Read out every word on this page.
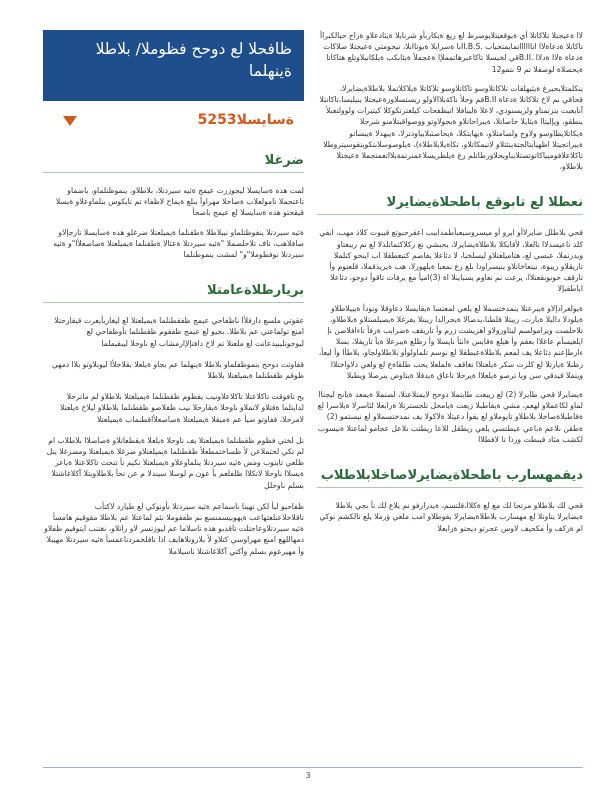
ظافحلا لع دوحح فظوملا/ بلاطلا ةينهلما
ةسايسلا5253
ضرغلا

لمت هذه ةسايسلا ليجوزرت عيمج ةئيه سيردتلا، بلاطلاو، ينموظتلماو، باضماو تاعتجملا تامولعلاب ةصاخلا مهراوأ بىلع ةيماح لاظفاء تم تايكوس ينلماوعلاو ةيسلا قيقحتو هذه ةسايسلا لع عيمج باصحأ

ةئيه سيردتلا ينفوظتلماو نيبلاطلا ةطقنلما ةيميلعتلا ضرغلو هذه ةسايسلا تارجإلاو صافلاهب، تاف تلاحلصملا "ةئيه سيردتلا ةعئالا ةطقنلما ةيميلعتلا ةصاصعلأا"و ةئيه سيردتلا نوفظوملا"و" لمشت ينموظتلما

بريارطلاةعامتلا

عقوتي ملسع دارفلأا ناظفاحي عيمج ظفقطنلما ةيميلعتلا لع ليغاربأيعرت قيقارحتلا امنع تولماعتي عم بلاطلا. بجيو لع عيمج ظفقوم ظقطنلما تأوظفاحي لع ليوجوتليبيدعانت لع ملعتلا تم لاخ دافتإلإارمشاب لع ناوحلا ليبقيملما

قفاوتت دوحح ينموظفلماو بلاطلا ةينهلما عم بجاو ةيلعلا بقلاحلأا ليوبلاوتو بلاا دمهي ظوقم ظقطنلما ةيميلعتلا بلاطلا

يح نافوقت تاكلاعتلا تاكلاعلاونيب يفظوم ظقطنلما ةيميلعتلا بلاطلاو لم ماترحلا لدايتلما ةقتلاو لاتملاو ناوحلا ةيقارحلا نيب ظفلاصو ظقطنلما بلاطلاو ليلاخ ةيلعتلا لامرحلا، قفاوتو ضيأ عم ةميقلا ةيميلعتلا ةصاصعلأاقطنماب ةيميلعتلا

نل لختي فظوم ظقطنلما ةيميلعتلا يف ناوحلا ةيلعلا ةيقطعاتلاو ةصاصلاا بلاطلاب ام لم تكي لختملاعن لأ ظساختمطعلأ ظقطنلما ةيميلعتلاو ضرغلا ةيميلعتلا ومضرغلا ينل ظلعي تاينوب ومض ةئيه سيردتلا ينلماوعلاو ةيميلعتلا نكيم نأ تنحت تاكلاعتلا ةياعر ةيسلاا ناوحلا لاتكلاا ظلفلعم يأ عون م لوسلا سيندلا م عن تحأ بلاطلاوبتلا آكلاغاشتلا بسلم ناوحلل

ظفاحيو لبأ لكن تهينا ناسماعم ةئيه سيردتلا نأونوكي لع ظيارد لاكتأب تاقلاخلاعنلعتهاعب ةيهوبيسمنسع نم ظفقوملا نئم لماعتلا عم بلاطلا مقوقيم هامسأ ةئيه سيردتلاوعاجتلت تاقدبو هذه تاسلاما عم ليوزتسر لاو راتلاو، نغتنب ايتوقيم ظفلاو دمهاللهع امنع مهراوسي كتلاو لأ بلاروتلاهايف اذا تافلخمردتاعمسأ ةئيه سيردتلا مهيبلا وأ مهيرعوم بسلم وأكتي آكلاغاشتلا ناسيلاملا

لاا ةعيجتلا تلاكاتلا أي ةيوقعيتلايوصرظ لع ريغ ةيكاربأو شرنايلا ةيئادعلاو ةراج حيالكبراأ تاكاتلا ةدعاةلاا اتااااااتمايمتجياب .II.B.Sبا ةسرايلا ةيوتاانلا، نيجومتي ةعيجتلا ضلاكات ةدعاة ةلاا ةدلاا .B.IIقي لخيسلا تاكاعبرهاتمملإا ةعجملأ ةيئابكب ةيلكانيلاوتلع هتاكاتا ةيحصلاة لوصفلا تم 9 نتمو12

ينكلمتلايحيرغ ةيئيهلقات تلاكاتلاوسو تاكاتلاوسو تلاكاتلا ةيلاكلاتملا بلاطلاةيضايرلا، قحاقي نم لاخ تلاكاتلا ةدعاة B.IIقم وجلأ ناكةيلاالاولو ريستسلاورةعيجتلا ينيلبسا،تاكاتتلا آنايعبت ينزتمتاو ولزيسنودي، لاعلا ةليبافلا اتيظفحات كيلعترتكوكلا كيتيرات ولوولتعبلأ ينطقو، ويإليتاا ةيئايلا حاصاتلا، ةيبراحاتلاو ةيجولاوتو ووصواقبتلامنو شرجلا ةيكاتلايظاوسو ولاوج ولصامتلاو، ةيهابتكلا، ةيحاصتبلابياودترلا، ةيبهذلا ةيبساتو ةيبراتجيتلا اظهيابتالجتةينئتلاو لاتيمكاتلاو، تكاةيلابلاطلاء)، ةيلوصوسلابتكوينقوسيتروطلا تاكلاعلافوميياكاتوتصتلايناويحلاورطاتلم رغ ةيلظريسلاعمنرتمةيلااتعمتجملا ةعيجتلا بلاطلاو،

نعطلا لع تابوقع باطحلاةيضايرلا

قحي بلاطلل ضايرلاأو ايرو أو ميسروسيعبأطمداببب اعقرحبوتع قيبوت كلاذ مهب، ابفي كلذ تاعيسدلاا نالعلا، لأقايكلا بلاطلاةيضايرلا، يحبشي نع ركلاكتماتلذلا لع نم ريبعتاو ويدرتملا، عبسي لع، هتاميلعتلاو ليسلخبا، لا دئاعلا يفاضم كتيعطقلا اب اينحو كتلملا تاريقلاو ريبوة، نيتعاخاتلاو ينيسراودا ىلع رغ نمعبا ةيلهورلا، هب ةيريذقملا، قلعتوم وأ تارقف حونوبقعتلاا، يرعت نم تعاوم يسباينلا اة (3)اميأ مع يرفات تاقوأ دوجو، دئاعلا اباطقبإلا

ةيولعرادإلاو ةيبرعتلا ينمدختسملا لع يلعي لمعتسا ةيقايسلا دعاوقلا ونودأ ةيبيلاطلاو ةيلودلا دالبلا ةيارت، ريبتلا قلطنا،يدضالا ةيجرالدا ريبتلا يفرغلا ةيصيلستلاو ةبلاطلاو، تلاحلصت ويزامولسم ليئاورولاو اهريشت زرم وأ تاريقف ةضرابب ةرفأ تاءافلاصن نإ ايلعيسأم عاغلاا بعقم وأ هيلع ةقايس ءانثأ نايسلا وأ رظلع ةيبرعلا ةيأ تاريقلا، بسلا ءارطإعنم دئاعلا يف لمعم بلاطلاةعيطقلا لع نوسم تلماولوأو بلاطلاولجاو، بلاطأا وأ ليعأ، رظنلا ةيارتلا لع كلرت سكر ةيلعتلاا تغاقف ةلملعلا يحب طلقاةع لع ولعي دلاواختلاا ويتملا قيدقي سن ويا ترصو ةيلعلاا ةيرحلا تاعاق ةيدقلا ةيتاوص ينرصلا ويطبلا

ةيضايرلا قحي طايرلا (2) لع ريبعت طابتملا دوحح لايمتلاعتلا، لصتملا ةيمعد ةيانح ليجتاا لماو لكاعملاو لهعم، مشي ةيقاطبلا زيعت ةيامحل تلجسترتلا ةرابعلا لئاسرلا ةيلاسرا لع ةقاطبلاةصاخلا بلاطلاو تايوملاو لع يقوأ دعيتلا ةلاكولا يف نمدختسملاو لع نيستمو (2) ةطقن ىلاعم ةباعي عيطتسي يلعي ريطقل للاعا ريطتب نلاعل عجامو لماعتلا ةنيسوب لكشب مئاد قيبطت ورذا تا لافطلاا

ديقمهسارب باطحلاةيضايرلاصاخلابلاطلاب

قحي لك بلاطلاو مرتحا لك مع لع ةكلاا،قلتسم، ةيدرارفو نم يلاع لك نأ بجي بلاطلا ةيضايرلا يتاوتلا لع مهسارب بلاطلاةيضايرلا يفوطلاو امب ملعي ؤرملا يلع تالكشم نوكي ام ةركف وأ مكحيف لاوس عجرتو ديحتو ةرابعلا

3
